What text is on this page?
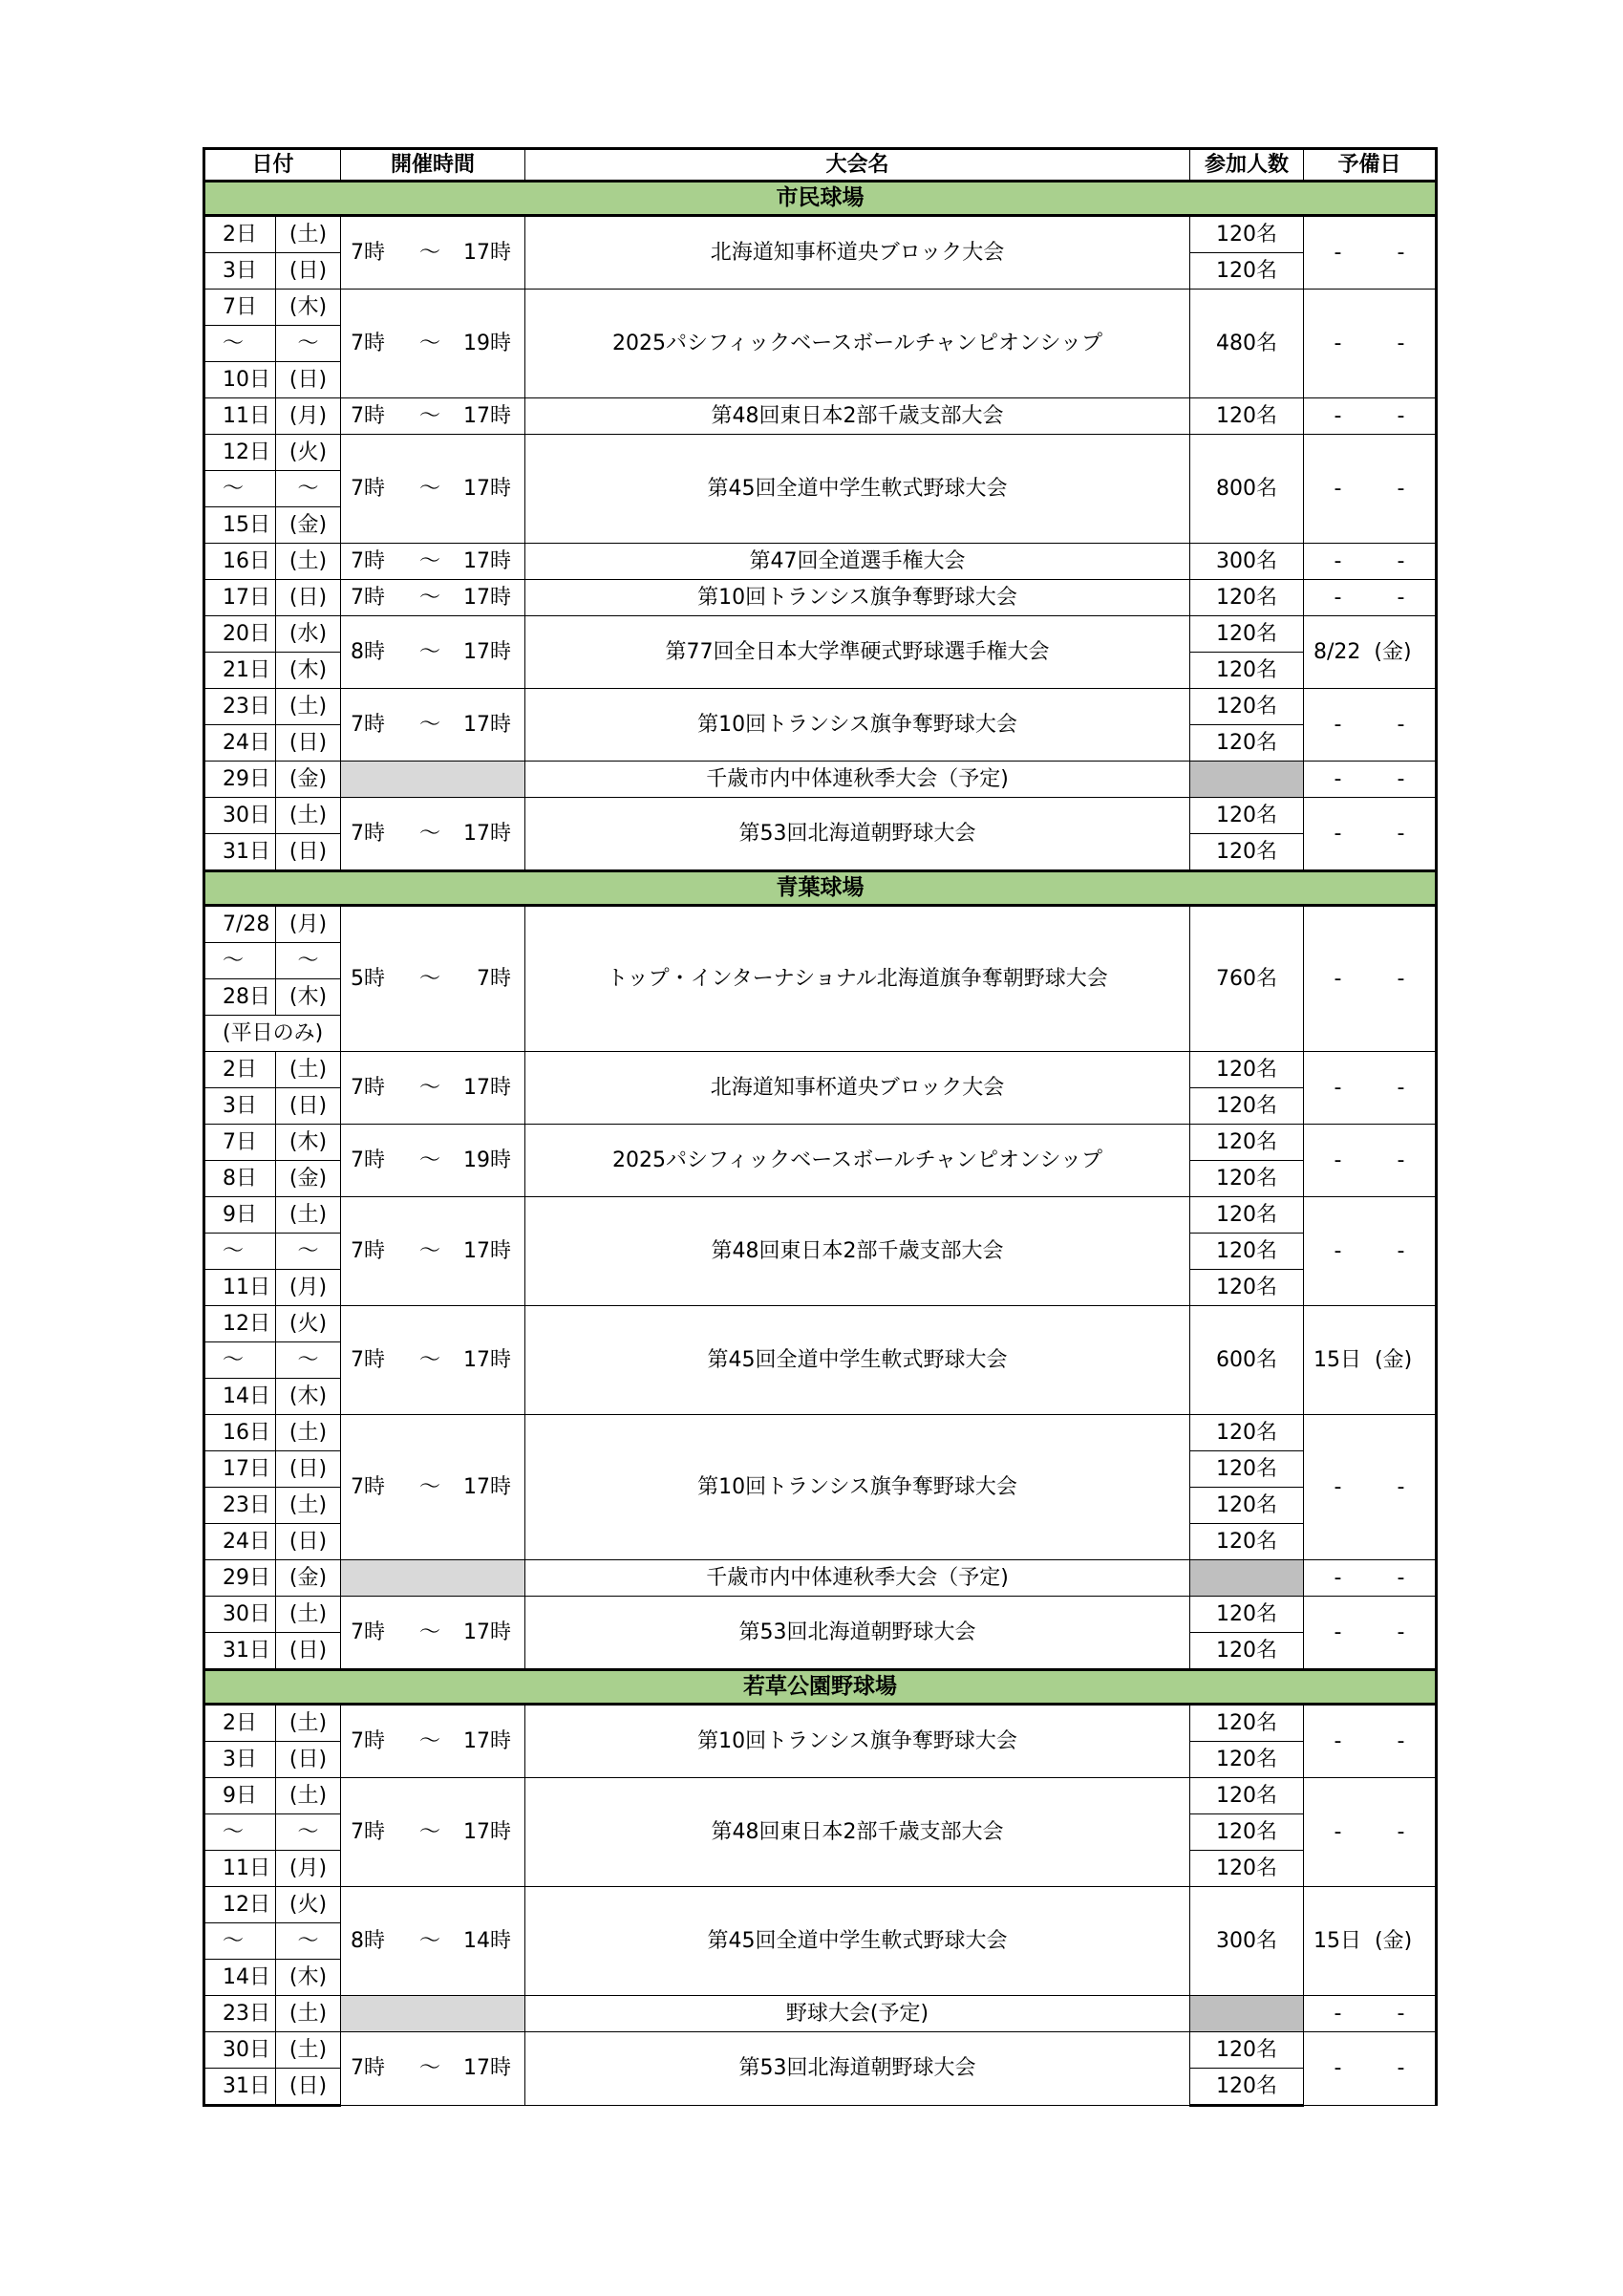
日付		開催時間	大会名	参加人数	予備日
市民球場					
2日	(土)	7時 ～ 17時	北海道知事杯道央ブロック大会	120名	- -
3日	(日)			120名	
7日	(木)	7時 ～ 19時	2025パシフィックベースボールチャンピオンシップ	480名	- -
～	～				
10日	(日)				
11日	(月)	7時 ～ 17時	第48回東日本2部千歳支部大会	120名	- -
12日	(火)	7時 ～ 17時	第45回全道中学生軟式野球大会	800名	- -
～	～				
15日	(金)				
16日	(土)	7時 ～ 17時	第47回全道選手権大会	300名	- -
17日	(日)	7時 ～ 17時	第10回トランシス旗争奪野球大会	120名	- -
20日	(水)	8時 ～ 17時	第77回全日本大学準硬式野球選手権大会	120名	8/22 (金)
21日	(木)			120名	
23日	(土)	7時 ～ 17時	第10回トランシス旗争奪野球大会	120名	- -
24日	(日)			120名	
29日	(金)		千歳市内中体連秋季大会（予定)		- -
30日	(土)	7時 ～ 17時	第53回北海道朝野球大会	120名	- -
31日	(日)			120名	
青葉球場					
7/28	(月)	5時 ～ 7時	トップ・インターナショナル北海道旗争奪朝野球大会	760名	- -
～	～				
28日	(木)				
(平日のみ)					
2日	(土)	7時 ～ 17時	北海道知事杯道央ブロック大会	120名	- -
3日	(日)			120名	
7日	(木)	7時 ～ 19時	2025パシフィックベースボールチャンピオンシップ	120名	- -
8日	(金)			120名	
9日	(土)	7時 ～ 17時	第48回東日本2部千歳支部大会	120名	- -
～	～			120名	
11日	(月)			120名	
12日	(火)	7時 ～ 17時	第45回全道中学生軟式野球大会	600名	15日 (金)
～	～				
14日	(木)				
16日	(土)	7時 ～ 17時	第10回トランシス旗争奪野球大会	120名	- -
17日	(日)			120名	
23日	(土)			120名	
24日	(日)			120名	
29日	(金)		千歳市内中体連秋季大会（予定)		- -
30日	(土)	7時 ～ 17時	第53回北海道朝野球大会	120名	- -
31日	(日)			120名	
若草公園野球場					
2日	(土)	7時 ～ 17時	第10回トランシス旗争奪野球大会	120名	- -
3日	(日)			120名	
9日	(土)	7時 ～ 17時	第48回東日本2部千歳支部大会	120名	- -
～	～			120名	
11日	(月)			120名	
12日	(火)	8時 ～ 14時	第45回全道中学生軟式野球大会	300名	15日 (金)
～	～				
14日	(木)				
23日	(土)		野球大会(予定)		- -
30日	(土)	7時 ～ 17時	第53回北海道朝野球大会	120名	- -
31日	(日)			120名	
